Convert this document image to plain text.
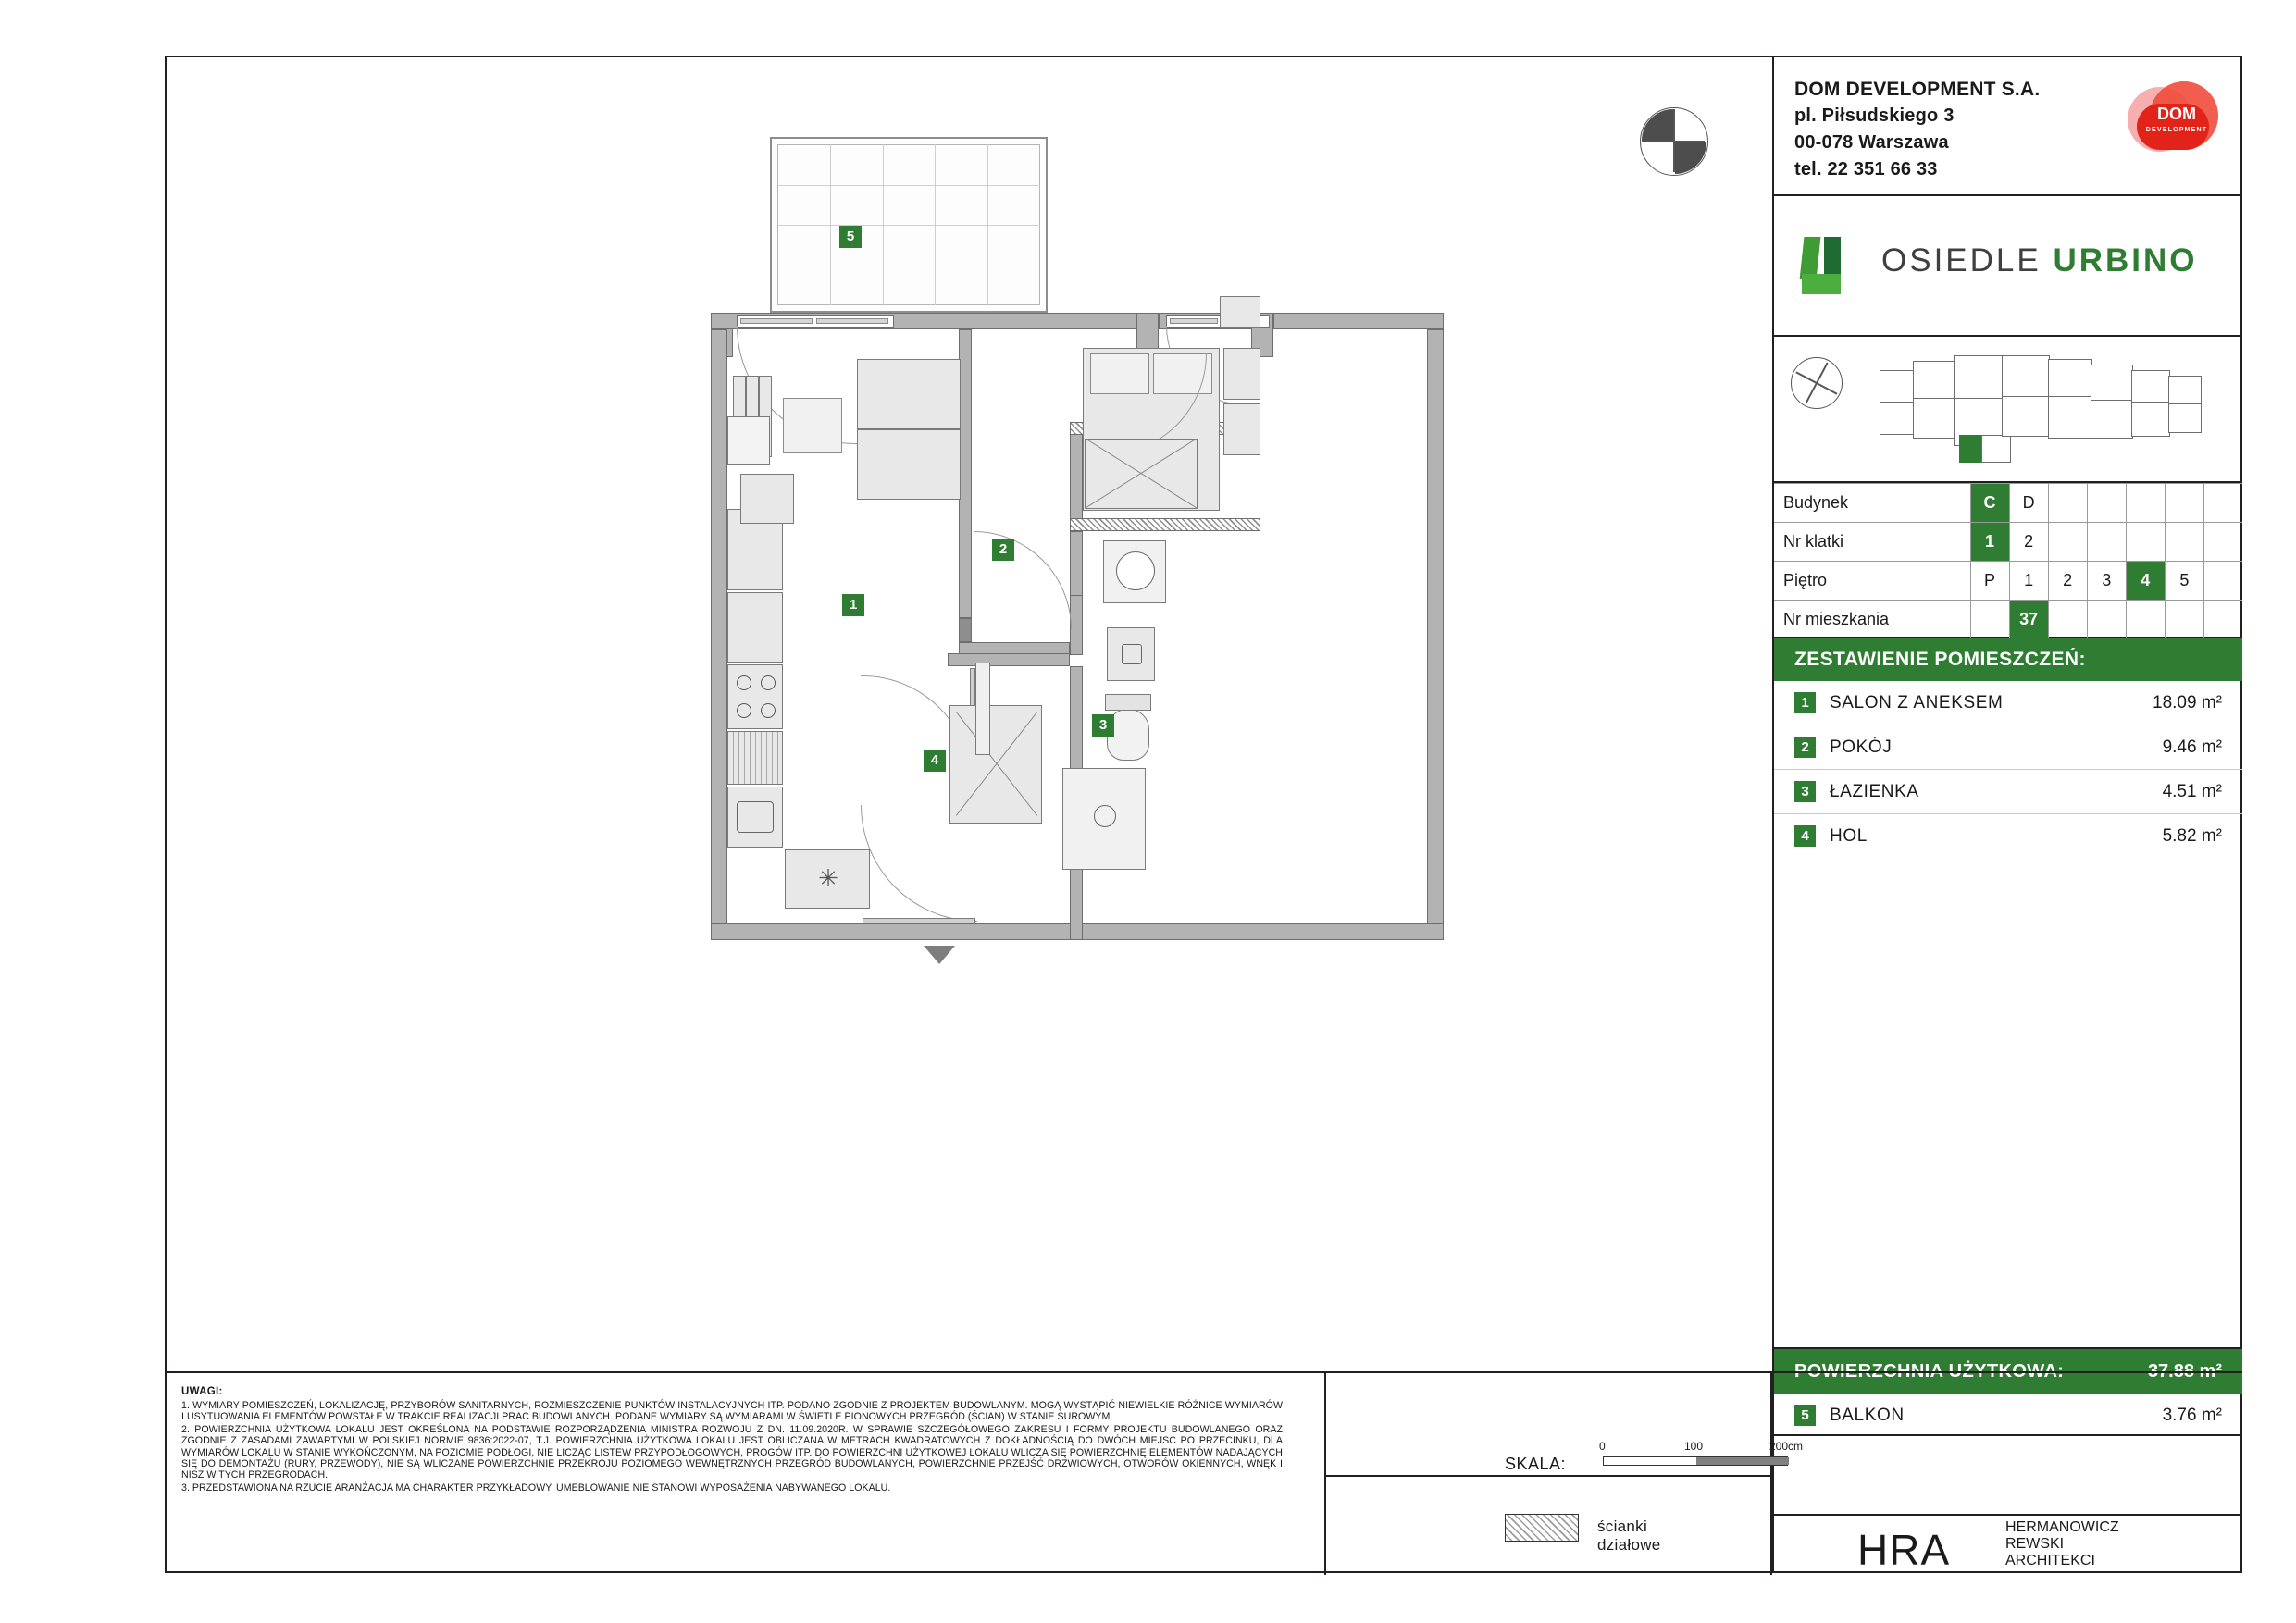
5
✳
1
2
3
4
DOM DEVELOPMENT S.A.
pl. Piłsudskiego 3
00-078 Warszawa
tel. 22 351 66 33
DOM
DEVELOPMENT
OSIEDLE URBINO
Budynek	C	D					
Nr klatki	1	2					
Piętro	P	1	2	3	4	5	
Nr mieszkania		37					
ZESTAWIENIE POMIESZCZEŃ:
1	SALON Z ANEKSEM	18.09 m²
2	POKÓJ	9.46 m²
3	ŁAZIENKA	4.51 m²
4	HOL	5.82 m²
POWIERZCHNIA UŻYTKOWA:	37.88 m²
5	BALKON	3.76 m²
HRA	HERMANOWICZ
REWSKI
ARCHITEKCI
UWAGI:

1. WYMIARY POMIESZCZEŃ, LOKALIZACJĘ, PRZYBORÓW SANITARNYCH, ROZMIESZCZENIE PUNKTÓW INSTALACYJNYCH ITP. PODANO ZGODNIE Z PROJEKTEM BUDOWLANYM. MOGĄ WYSTĄPIĆ NIEWIELKIE RÓŻNICE WYMIARÓW I USYTUOWANIA ELEMENTÓW POWSTAŁE W TRAKCIE REALIZACJI PRAC BUDOWLANYCH. PODANE WYMIARY SĄ WYMIARAMI W ŚWIETLE PIONOWYCH PRZEGRÓD (ŚCIAN) W STANIE SUROWYM.

2. POWIERZCHNIA UŻYTKOWA LOKALU JEST OKREŚLONA NA PODSTAWIE ROZPORZĄDZENIA MINISTRA ROZWOJU Z DN. 11.09.2020R. W SPRAWIE SZCZEGÓŁOWEGO ZAKRESU I FORMY PROJEKTU BUDOWLANEGO ORAZ ZGODNIE Z ZASADAMI ZAWARTYMI W POLSKIEJ NORMIE 9836:2022-07, T.J. POWIERZCHNIA UŻYTKOWA LOKALU JEST OBLICZANA W METRACH KWADRATOWYCH Z DOKŁADNOŚCIĄ DO DWÓCH MIEJSC PO PRZECINKU, DLA WYMIARÓW LOKALU W STANIE WYKOŃCZONYM, NA POZIOMIE PODŁOGI, NIE LICZĄC LISTEW PRZYPODŁOGOWYCH, PROGÓW ITP. DO POWIERZCHNI UŻYTKOWEJ LOKALU WLICZA SIĘ POWIERZCHNIĘ ELEMENTÓW NADAJĄCYCH SIĘ DO DEMONTAŻU (RURY, PRZEWODY), NIE SĄ WLICZANE POWIERZCHNIE PRZEKROJU POZIOMEGO WEWNĘTRZNYCH PRZEGRÓD BUDOWLANYCH, POWIERZCHNIE PRZEJŚĆ DRZWIOWYCH, OTWORÓW OKIENNYCH, WNĘK I NISZ W TYCH PRZEGRODACH.

3. PRZEDSTAWIONA NA RZUCIE ARANŻACJA MA CHARAKTER PRZYKŁADOWY, UMEBLOWANIE NIE STANOWI WYPOSAŻENIA NABYWANEGO LOKALU.

SKALA:
0	100	200cm
ścianki działowe
